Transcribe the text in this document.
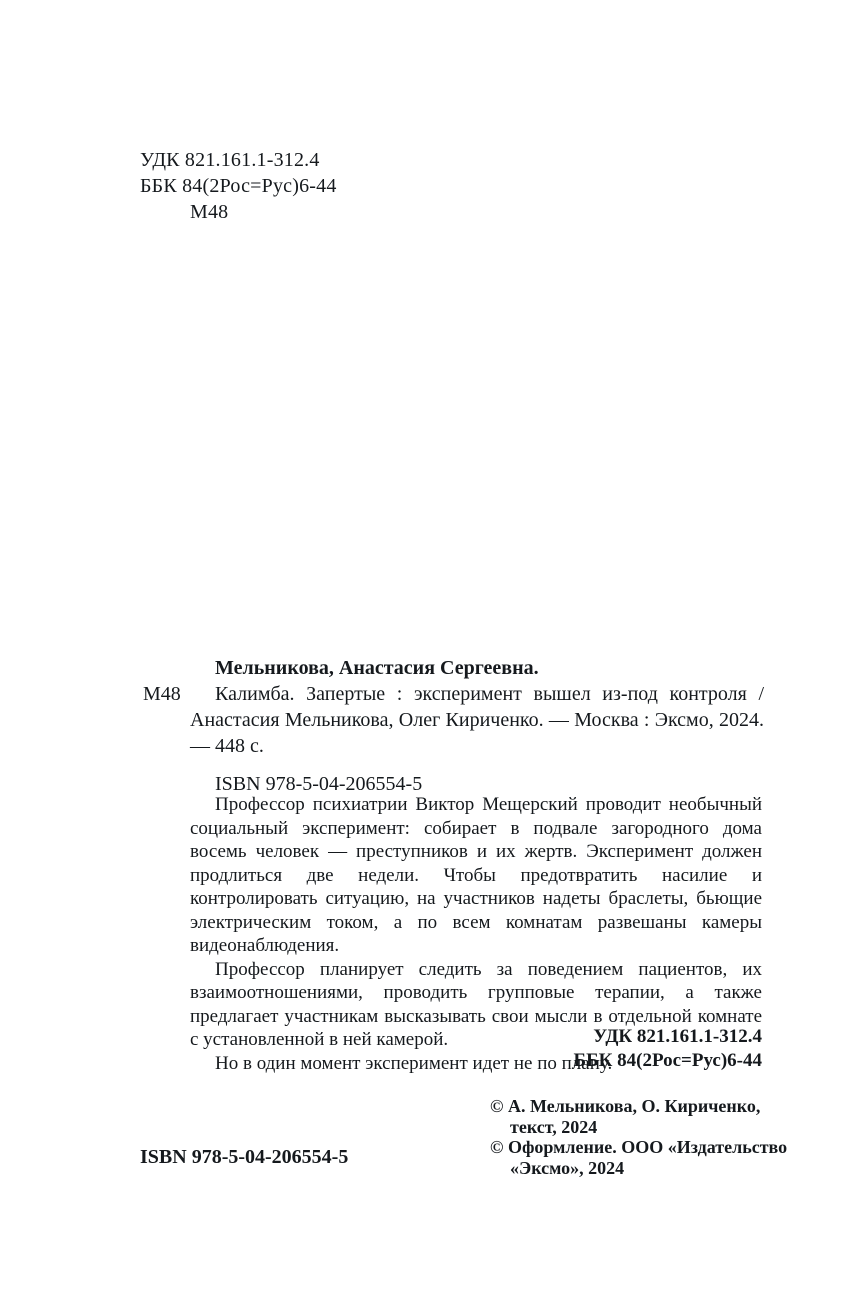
УДК 821.161.1-312.4
ББК 84(2Рос=Рус)6-44
М48
Мельникова, Анастасия Сергеевна.
М48	Калимба. Запертые : эксперимент вышел из-под контроля / Анастасия Мельникова, Олег Кириченко. — Москва : Эксмо, 2024. — 448 с.

ISBN 978-5-04-206554-5

Профессор психиатрии Виктор Мещерский проводит необычный социальный эксперимент: собирает в подвале загородного дома восемь человек — преступников и их жертв. Эксперимент должен продлиться две недели. Чтобы предотвратить насилие и контролировать ситуацию, на участников надеты браслеты, бьющие электрическим током, а по всем комнатам развешаны камеры видеонаблюдения.

Профессор планирует следить за поведением пациентов, их взаимоотношениями, проводить групповые терапии, а также предлагает участникам высказывать свои мысли в отдельной комнате с установленной в ней камерой.

Но в один момент эксперимент идет не по плану.

УДК 821.161.1-312.4
ББК 84(2Рос=Рус)6-44
ISBN 978-5-04-206554-5
© А. Мельникова, О. Кириченко,
текст, 2024
© Оформление. ООО «Издательство
«Эксмо», 2024
